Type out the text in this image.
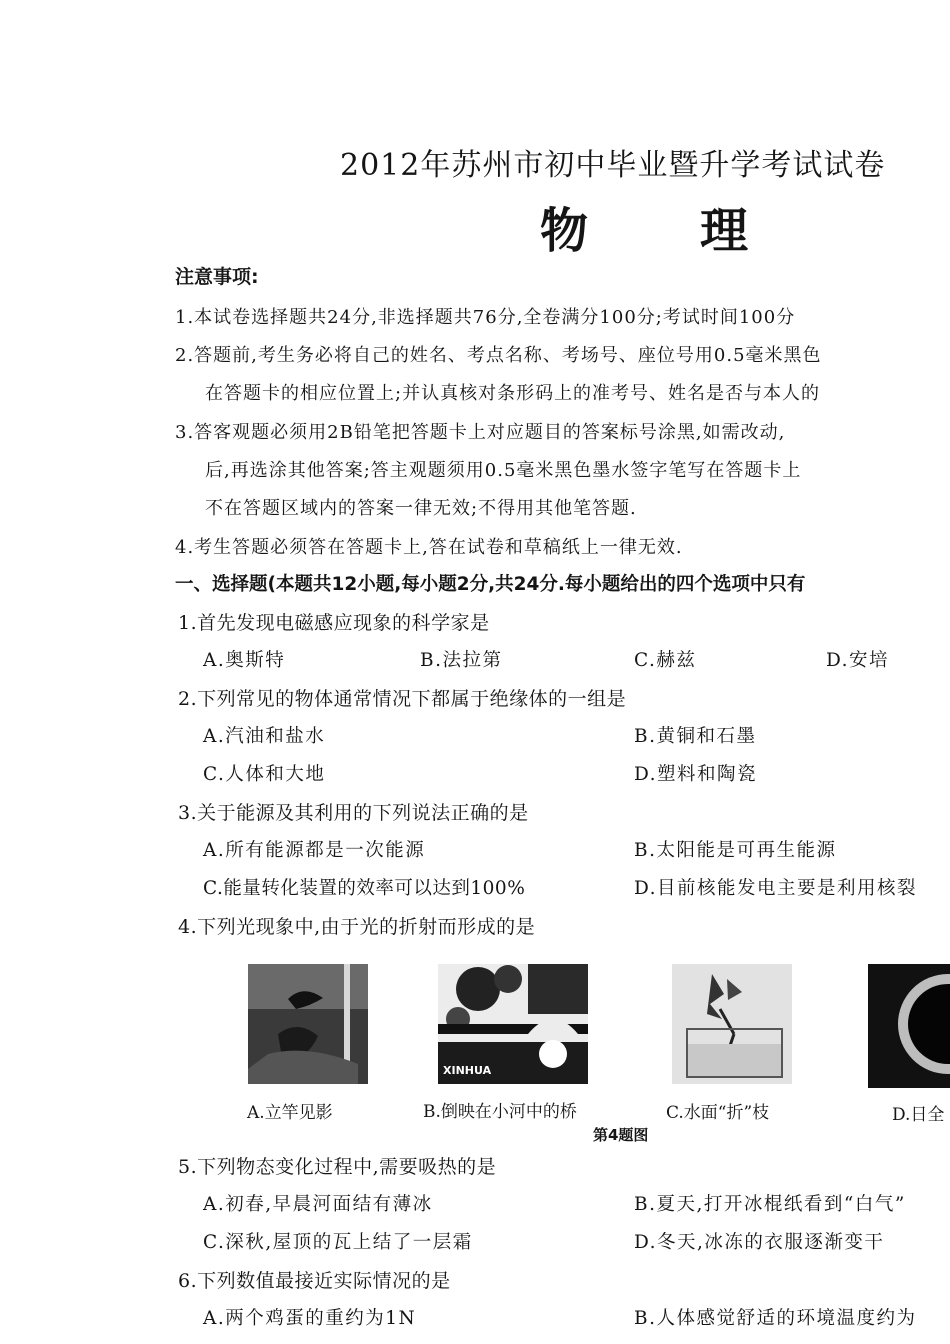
2012年苏州市初中毕业暨升学考试试卷
物 理
注意事项:
1.本试卷选择题共24分,非选择题共76分,全卷满分100分;考试时间100分
2.答题前,考生务必将自己的姓名、考点名称、考场号、座位号用0.5毫米黑色
在答题卡的相应位置上;并认真核对条形码上的准考号、姓名是否与本人的
3.答客观题必须用2B铅笔把答题卡上对应题目的答案标号涂黑,如需改动,
后,再选涂其他答案;答主观题须用0.5毫米黑色墨水签字笔写在答题卡上
不在答题区域内的答案一律无效;不得用其他笔答题.
4.考生答题必须答在答题卡上,答在试卷和草稿纸上一律无效.
一、选择题(本题共12小题,每小题2分,共24分.每小题给出的四个选项中只有
1.首先发现电磁感应现象的科学家是
A.奥斯特	B.法拉第	C.赫兹	D.安培
2.下列常见的物体通常情况下都属于绝缘体的一组是
A.汽油和盐水	B.黄铜和石墨
C.人体和大地	D.塑料和陶瓷
3.关于能源及其利用的下列说法正确的是
A.所有能源都是一次能源	B.太阳能是可再生能源
C.能量转化装置的效率可以达到100%	D.目前核能发电主要是利用核裂
4.下列光现象中,由于光的折射而形成的是
XINHUA
A.立竿见影	B.倒映在小河中的桥	C.水面“折”枝	D.日全
第4题图
5.下列物态变化过程中,需要吸热的是
A.初春,早晨河面结有薄冰	B.夏天,打开冰棍纸看到“白气”
C.深秋,屋顶的瓦上结了一层霜	D.冬天,冰冻的衣服逐渐变干
6.下列数值最接近实际情况的是
A.两个鸡蛋的重约为1N	B.人体感觉舒适的环境温度约为
